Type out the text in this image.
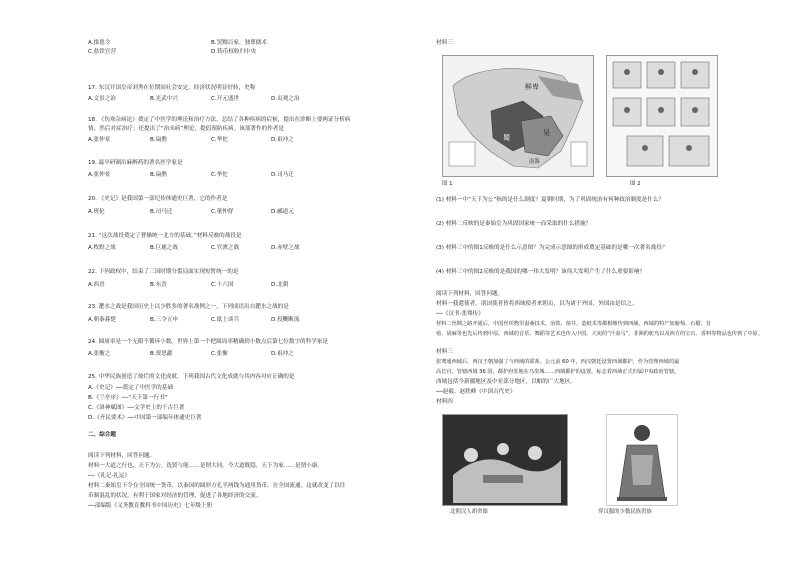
A.推恩令	B.罢黜百家，独尊儒术
C.盐铁官营	D.铸币权收归中央
17. 东汉开国皇帝刘秀在位期间社会安定，经济状况明显好转，史称
A.文景之治	B.光武中兴	C.开元盛世	D.贞观之治
18. 《伤寒杂病论》奠定了中医学的理论和治疗方法，总结了各种疾病的症候，提出在诊断上要两证分析病
情，然后对症治疗；还提出了“治未病”理论，提倡预防疾病。该部著作的作者是
A.张仲景	B.扁鹊	C.华佗	D.祖冲之
19. 最早研制出麻醉药的著名医学家是
A.张仲景	B.扁鹊	C.华佗	D.司马迁
20. 《史记》是我国第一部纪传体通史巨著，它的作者是
A.班伦	B.司马迁	C.董仲舒	D.郦道元
21. “这次战役奠定了曹操统一北方的基础。”材料反映的战役是
A.牧野之战	B.巨鹿之战	C.官渡之战	D.赤壁之战
22. 下列政权中，结束了三国时期分裂局面实现短暂统一的是
A.西晋	B.东晋	C.十六国	D.北朝
23. 淝水之战是我国历史上以少胜多的著名战例之一，下列成语出自淝水之战的是
A.朝秦暮楚	B.三令五申	C.纸上谈兵	D.投鞭断流
24. 圆周率是一个无限不循环小数。世界上第一个把圆周率精确到小数点后第七位数字的科学家是
A.张衡之	B.贾思勰	C.张衡	D.祖冲之
25. 中华民族创造了灿烂的文化成就，下列我国古代文化成就与其内容对应正确的是
A.《史记》──奠定了中医学的基础
B.《兰亭序》──“天下第一行书”
C.《洛神赋图》──文学史上的千古巨著
D.《齐民要术》──中国第一部编年体通史巨著
二、综合题
阅读下列材料，回答问题。
材料一大道之行也，天下为公。选贤与能……是谓大同。今大道既隐，天下为家……是谓小康。
──《礼记·礼运》
材料二秦始皇下令在全国统一货币，以秦国的圆形方孔半两钱为通用货币，在全国流通。这就改变了以往
币制混乱的状况，有利于国家对经济的管理，促进了各地经济的交流。
──部编版《义务教育教科书中国历史》七年级上册
材料三
鲜卑
蜀
吴
南海
图 1	图 2
(1) 材料一中“天下为公”指的是什么制度？夏朝时期，为了巩固统治有何种政治制度是什么？
(2) 材料二反映的是秦始皇为巩固国家统一而采取的什么措施？
(3) 材料三中的图1反映的是什么示意图？为完成示意图的形成奠定基础的是哪一次著名战役？
(4) 材料三中的图2反映的是我国的哪一伟大发明？该伟大发明产生了什么重要影响？
阅读下列材料，回答问题。
材料一我遣使者，诸国使者皆将西域使者来朝贡，以为诸于外国，外国由是信之。
──《汉书·张骞传》
材料二丝绸之路开通后，中国丝织物里蚕桑技术、冶铁、凿井、造纸术等都相继传到西域，西域的特产如葡萄、石榴、苜
蓿、胡麻等也先后传到中原。西域的音乐、舞蹈等艺术也传入中国。大宛的“汗血马”、非洲的鸵鸟以及西方的宝石、香料等物品也传到了中原。
材料三
张骞通西域后，西汉王朝加强了与西域的联系。公元前 60 年，西汉朝廷设置西域都护，作为管理西域的最
高长官，管辖西域 36 国，都护府驻地在乌垒城……西域都护的设置，标志着西域正式归属中央政府管辖。
西域包括今新疆地区及中亚部分地区，以帕的广大地区。
──赵毅、赵轶峰《中国古代史》
材料四
北朝汉人胡舍图	穿汉服的少数民族贵族
